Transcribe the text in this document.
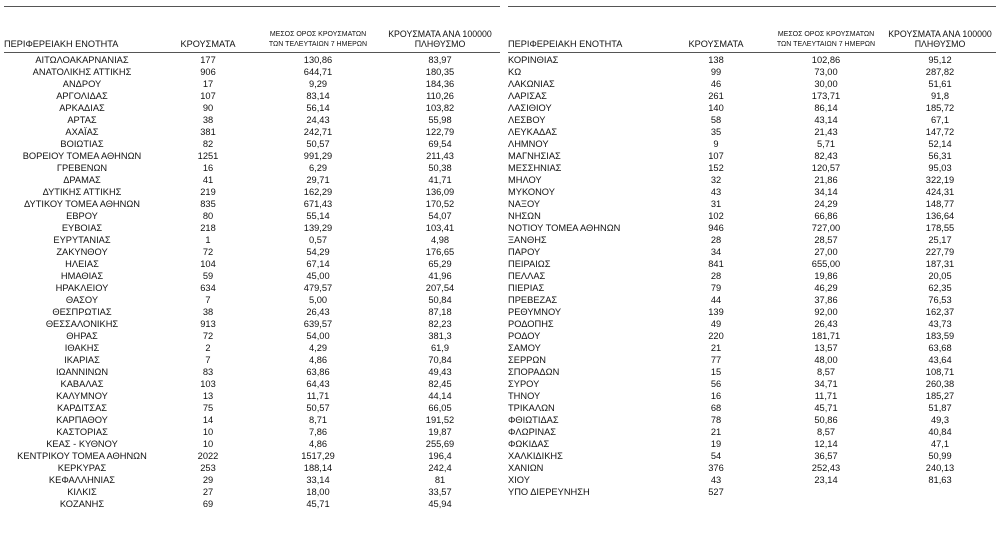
ΠΕΡΙΦΕΡΕΙΑΚΗ ΕΝΟΤΗΤΑ	ΚΡΟΥΣΜΑΤΑ
ΜΕΣΟΣ ΟΡΟΣ ΚΡΟΥΣΜΑΤΩΝ
ΤΩΝ ΤΕΛΕΥΤΑΙΩΝ 7 ΗΜΕΡΩΝ
ΚΡΟΥΣΜΑΤΑ ΑΝΑ 100000
ΠΛΗΘΥΣΜΟ
ΑΙΤΩΛΟΑΚΑΡΝΑΝΙΑΣ	177	130,86	83,97
ΑΝΑΤΟΛΙΚΗΣ ΑΤΤΙΚΗΣ	906	644,71	180,35
ΑΝΔΡΟΥ	17	9,29	184,36
ΑΡΓΟΛΙΔΑΣ	107	83,14	110,26
ΑΡΚΑΔΙΑΣ	90	56,14	103,82
ΑΡΤΑΣ	38	24,43	55,98
ΑΧΑΪΑΣ	381	242,71	122,79
ΒΟΙΩΤΙΑΣ	82	50,57	69,54
ΒΟΡΕΙΟΥ ΤΟΜΕΑ ΑΘΗΝΩΝ	1251	991,29	211,43
ΓΡΕΒΕΝΩΝ	16	6,29	50,38
ΔΡΑΜΑΣ	41	29,71	41,71
ΔΥΤΙΚΗΣ ΑΤΤΙΚΗΣ	219	162,29	136,09
ΔΥΤΙΚΟΥ ΤΟΜΕΑ ΑΘΗΝΩΝ	835	671,43	170,52
ΕΒΡΟΥ	80	55,14	54,07
ΕΥΒΟΙΑΣ	218	139,29	103,41
ΕΥΡΥΤΑΝΙΑΣ	1	0,57	4,98
ΖΑΚΥΝΘΟΥ	72	54,29	176,65
ΗΛΕΙΑΣ	104	67,14	65,29
ΗΜΑΘΙΑΣ	59	45,00	41,96
ΗΡΑΚΛΕΙΟΥ	634	479,57	207,54
ΘΑΣΟΥ	7	5,00	50,84
ΘΕΣΠΡΩΤΙΑΣ	38	26,43	87,18
ΘΕΣΣΑΛΟΝΙΚΗΣ	913	639,57	82,23
ΘΗΡΑΣ	72	54,00	381,3
ΙΘΑΚΗΣ	2	4,29	61,9
ΙΚΑΡΙΑΣ	7	4,86	70,84
ΙΩΑΝΝΙΝΩΝ	83	63,86	49,43
ΚΑΒΑΛΑΣ	103	64,43	82,45
ΚΑΛΥΜΝΟΥ	13	11,71	44,14
ΚΑΡΔΙΤΣΑΣ	75	50,57	66,05
ΚΑΡΠΑΘΟΥ	14	8,71	191,52
ΚΑΣΤΟΡΙΑΣ	10	7,86	19,87
ΚΕΑΣ - ΚΥΘΝΟΥ	10	4,86	255,69
ΚΕΝΤΡΙΚΟΥ ΤΟΜΕΑ ΑΘΗΝΩΝ	2022	1517,29	196,4
ΚΕΡΚΥΡΑΣ	253	188,14	242,4
ΚΕΦΑΛΛΗΝΙΑΣ	29	33,14	81
ΚΙΛΚΙΣ	27	18,00	33,57
ΚΟΖΑΝΗΣ	69	45,71	45,94
ΠΕΡΙΦΕΡΕΙΑΚΗ ΕΝΟΤΗΤΑ	ΚΡΟΥΣΜΑΤΑ
ΜΕΣΟΣ ΟΡΟΣ ΚΡΟΥΣΜΑΤΩΝ
ΤΩΝ ΤΕΛΕΥΤΑΙΩΝ 7 ΗΜΕΡΩΝ
ΚΡΟΥΣΜΑΤΑ ΑΝΑ 100000
ΠΛΗΘΥΣΜΟ
ΚΟΡΙΝΘΙΑΣ	138	102,86	95,12
ΚΩ	99	73,00	287,82
ΛΑΚΩΝΙΑΣ	46	30,00	51,61
ΛΑΡΙΣΑΣ	261	173,71	91,8
ΛΑΣΙΘΙΟΥ	140	86,14	185,72
ΛΕΣΒΟΥ	58	43,14	67,1
ΛΕΥΚΑΔΑΣ	35	21,43	147,72
ΛΗΜΝΟΥ	9	5,71	52,14
ΜΑΓΝΗΣΙΑΣ	107	82,43	56,31
ΜΕΣΣΗΝΙΑΣ	152	120,57	95,03
ΜΗΛΟΥ	32	21,86	322,19
ΜΥΚΟΝΟΥ	43	34,14	424,31
ΝΑΞΟΥ	31	24,29	148,77
ΝΗΣΩΝ	102	66,86	136,64
ΝΟΤΙΟΥ ΤΟΜΕΑ ΑΘΗΝΩΝ	946	727,00	178,55
ΞΑΝΘΗΣ	28	28,57	25,17
ΠΑΡΟΥ	34	27,00	227,79
ΠΕΙΡΑΙΩΣ	841	655,00	187,31
ΠΕΛΛΑΣ	28	19,86	20,05
ΠΙΕΡΙΑΣ	79	46,29	62,35
ΠΡΕΒΕΖΑΣ	44	37,86	76,53
ΡΕΘΥΜΝΟΥ	139	92,00	162,37
ΡΟΔΟΠΗΣ	49	26,43	43,73
ΡΟΔΟΥ	220	181,71	183,59
ΣΑΜΟΥ	21	13,57	63,68
ΣΕΡΡΩΝ	77	48,00	43,64
ΣΠΟΡΑΔΩΝ	15	8,57	108,71
ΣΥΡΟΥ	56	34,71	260,38
ΤΗΝΟΥ	16	11,71	185,27
ΤΡΙΚΑΛΩΝ	68	45,71	51,87
ΦΘΙΩΤΙΔΑΣ	78	50,86	49,3
ΦΛΩΡΙΝΑΣ	21	8,57	40,84
ΦΩΚΙΔΑΣ	19	12,14	47,1
ΧΑΛΚΙΔΙΚΗΣ	54	36,57	50,99
ΧΑΝΙΩΝ	376	252,43	240,13
ΧΙΟΥ	43	23,14	81,63
ΥΠΟ ΔΙΕΡΕΥΝΗΣΗ	527
